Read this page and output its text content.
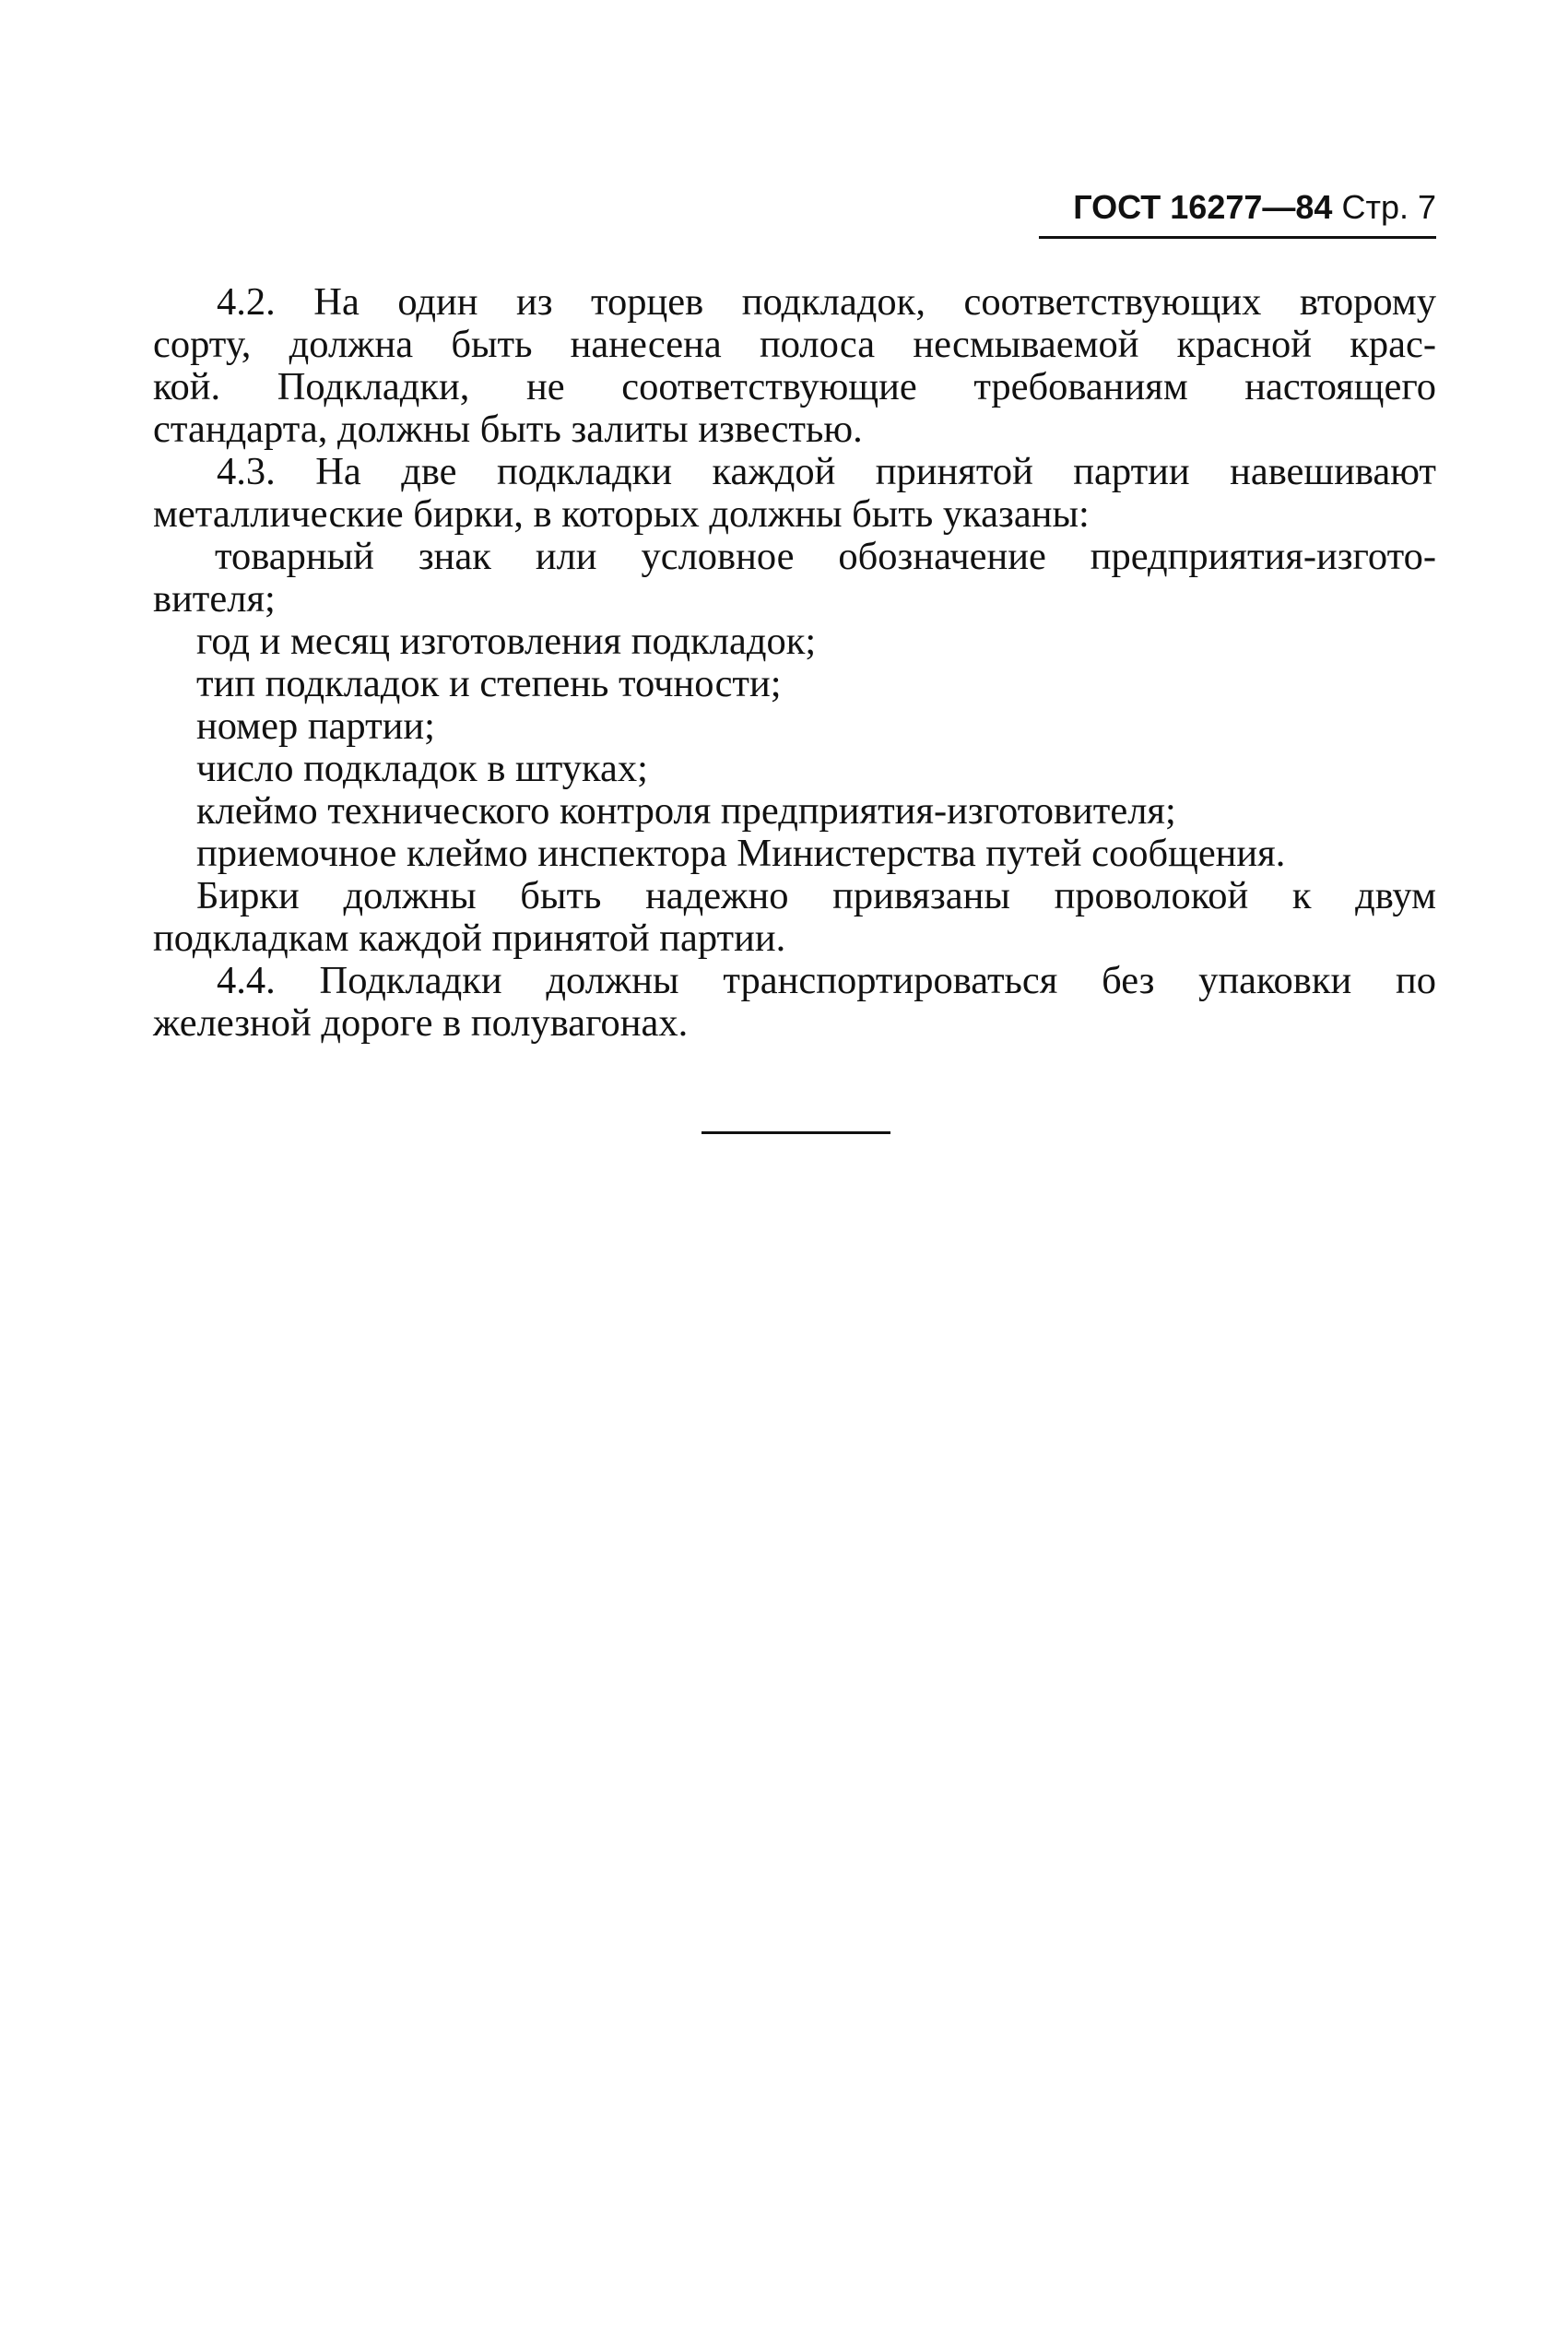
ГОСТ 16277—84 Стр. 7

4.2. На один из торцев подкладок, соответствующих второму

сорту, должна быть нанесена полоса несмываемой красной крас-

кой. Подкладки, не соответствующие требованиям настоящего

стандарта, должны быть залиты известью.

4.3. На две подкладки каждой принятой партии навешивают

металлические бирки, в которых должны быть указаны:

товарный знак или условное обозначение предприятия-изгото-

вителя;

год и месяц изготовления подкладок;

тип подкладок и степень точности;

номер партии;

число подкладок в штуках;

клеймо технического контроля предприятия-изготовителя;

приемочное клеймо инспектора Министерства путей сообщения.

Бирки должны быть надежно привязаны проволокой к двум

подкладкам каждой принятой партии.

4.4. Подкладки должны транспортироваться без упаковки по

железной дороге в полувагонах.
